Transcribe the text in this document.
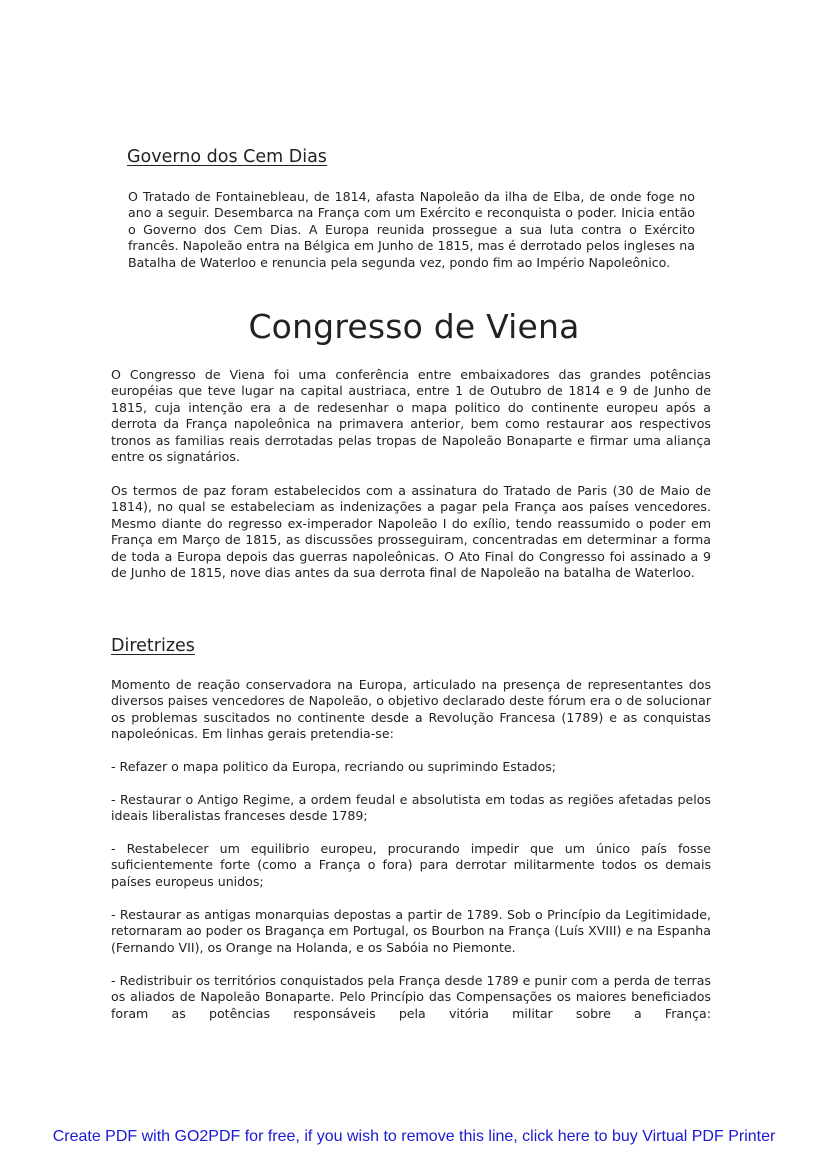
Governo dos Cem Dias

O Tratado de Fontainebleau, de 1814, afasta Napoleão da ilha de Elba, de onde foge no ano a seguir. Desembarca na França com um Exército e reconquista o poder. Inicia então o Governo dos Cem Dias. A Europa reunida prossegue a sua luta contra o Exército francês. Napoleão entra na Bélgica em Junho de 1815, mas é derrotado pelos ingleses na Batalha de Waterloo e renuncia pela segunda vez, pondo fim ao Império Napoleônico.

Congresso de Viena

O Congresso de Viena foi uma conferência entre embaixadores das grandes potências européias que teve lugar na capital austriaca, entre 1 de Outubro de 1814 e 9 de Junho de 1815, cuja intenção era a de redesenhar o mapa politico do continente europeu após a derrota da França napoleônica na primavera anterior, bem como restaurar aos respectivos tronos as familias reais derrotadas pelas tropas de Napoleão Bonaparte e firmar uma aliança entre os signatários.

Os termos de paz foram estabelecidos com a assinatura do Tratado de Paris (30 de Maio de 1814), no qual se estabeleciam as indenizações a pagar pela França aos países vencedores. Mesmo diante do regresso ex-imperador Napoleão I do exílio, tendo reassumido o poder em França em Março de 1815, as discussões prosseguiram, concentradas em determinar a forma de toda a Europa depois das guerras napoleônicas. O Ato Final do Congresso foi assinado a 9 de Junho de 1815, nove dias antes da sua derrota final de Napoleão na batalha de Waterloo.

Diretrizes

Momento de reação conservadora na Europa, articulado na presença de representantes dos diversos paises vencedores de Napoleão, o objetivo declarado deste fórum era o de solucionar os problemas suscitados no continente desde a Revolução Francesa (1789) e as conquistas napoleónicas. Em linhas gerais pretendia-se:

- Refazer o mapa politico da Europa, recriando ou suprimindo Estados;

- Restaurar o Antigo Regime, a ordem feudal e absolutista em todas as regiões afetadas pelos ideais liberalistas franceses desde 1789;

- Restabelecer um equilibrio europeu, procurando impedir que um único país fosse suficientemente forte (como a França o fora) para derrotar militarmente todos os demais países europeus unidos;

- Restaurar as antigas monarquias depostas a partir de 1789. Sob o Princípio da Legitimidade, retornaram ao poder os Bragança em Portugal, os Bourbon na França (Luís XVIII) e na Espanha (Fernando VII), os Orange na Holanda, e os Sabóia no Piemonte.

- Redistribuir os territórios conquistados pela França desde 1789 e punir com a perda de terras os aliados de Napoleão Bonaparte. Pelo Princípio das Compensações os maiores beneficiados foram as potências responsáveis pela vitória militar sobre a França:

Create PDF with GO2PDF for free, if you wish to remove this line, click here to buy Virtual PDF Printer
